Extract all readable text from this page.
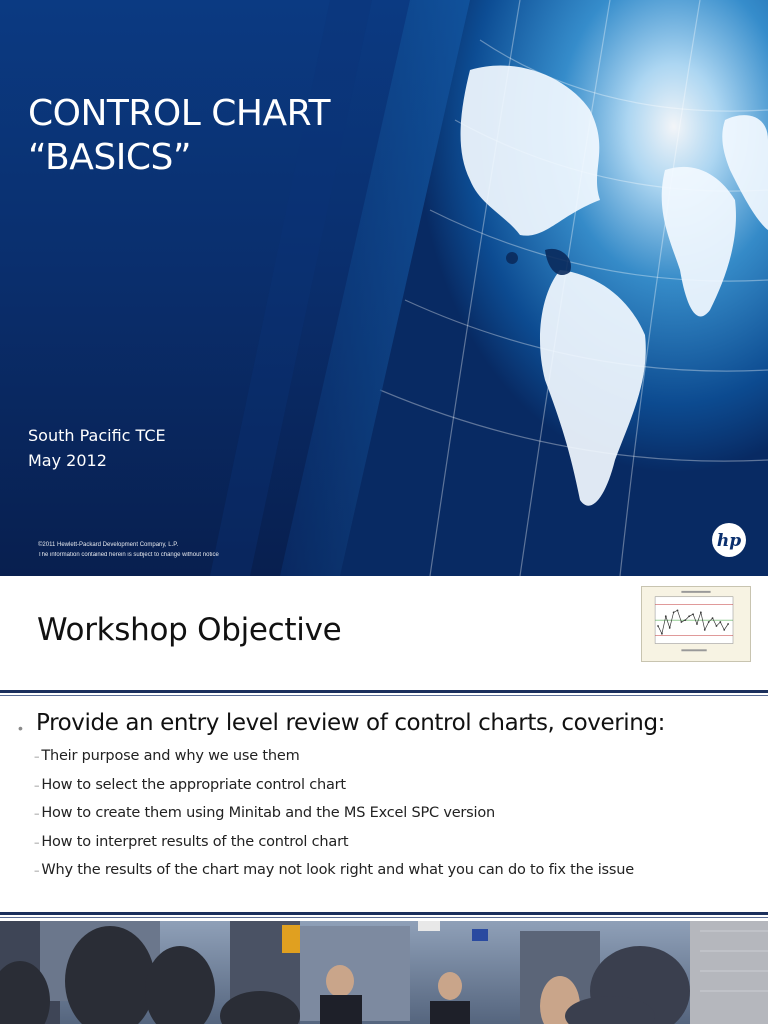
CONTROL CHART
“BASICS”
South Pacific TCE
May 2012
©2011 Hewlett-Packard Development Company, L.P.
The information contained herein is subject to change without notice
hp
Workshop Objective
• Provide an entry level review of control charts, covering:
– Their purpose and why we use them
– How to select the appropriate control chart
– How to create them using Minitab and the MS Excel SPC version
– How to interpret results of the control chart
– Why the results of the chart may not look right and what you can do to fix the issue
